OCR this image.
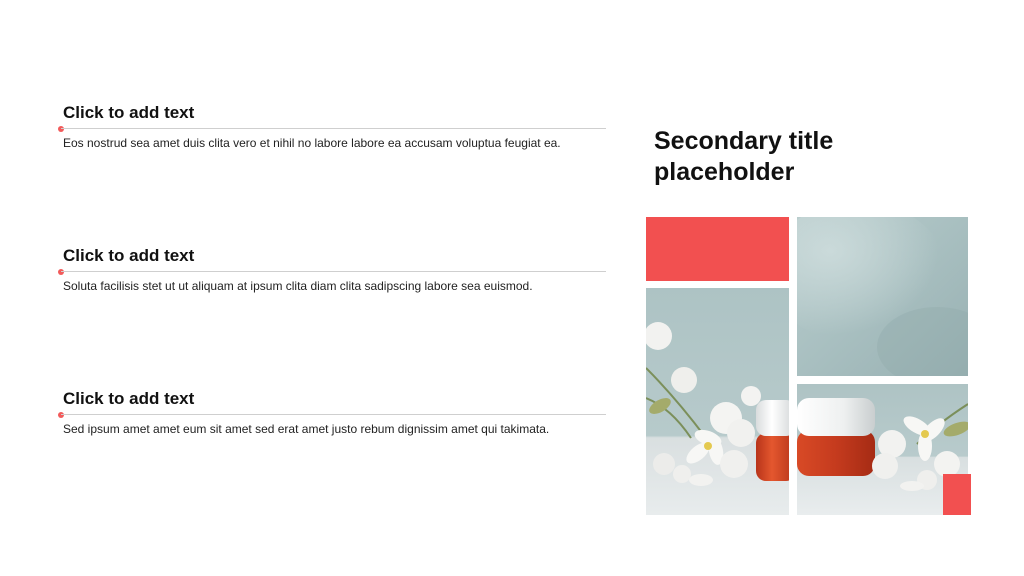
Click to add text
Eos nostrud sea amet duis clita vero et nihil no labore labore ea accusam voluptua feugiat ea.
Click to add text
Soluta facilisis stet ut ut aliquam at ipsum clita diam clita sadipscing labore sea euismod.
Click to add text
Sed ipsum amet amet eum sit amet sed erat amet justo rebum dignissim amet qui takimata.
Secondary title placeholder
